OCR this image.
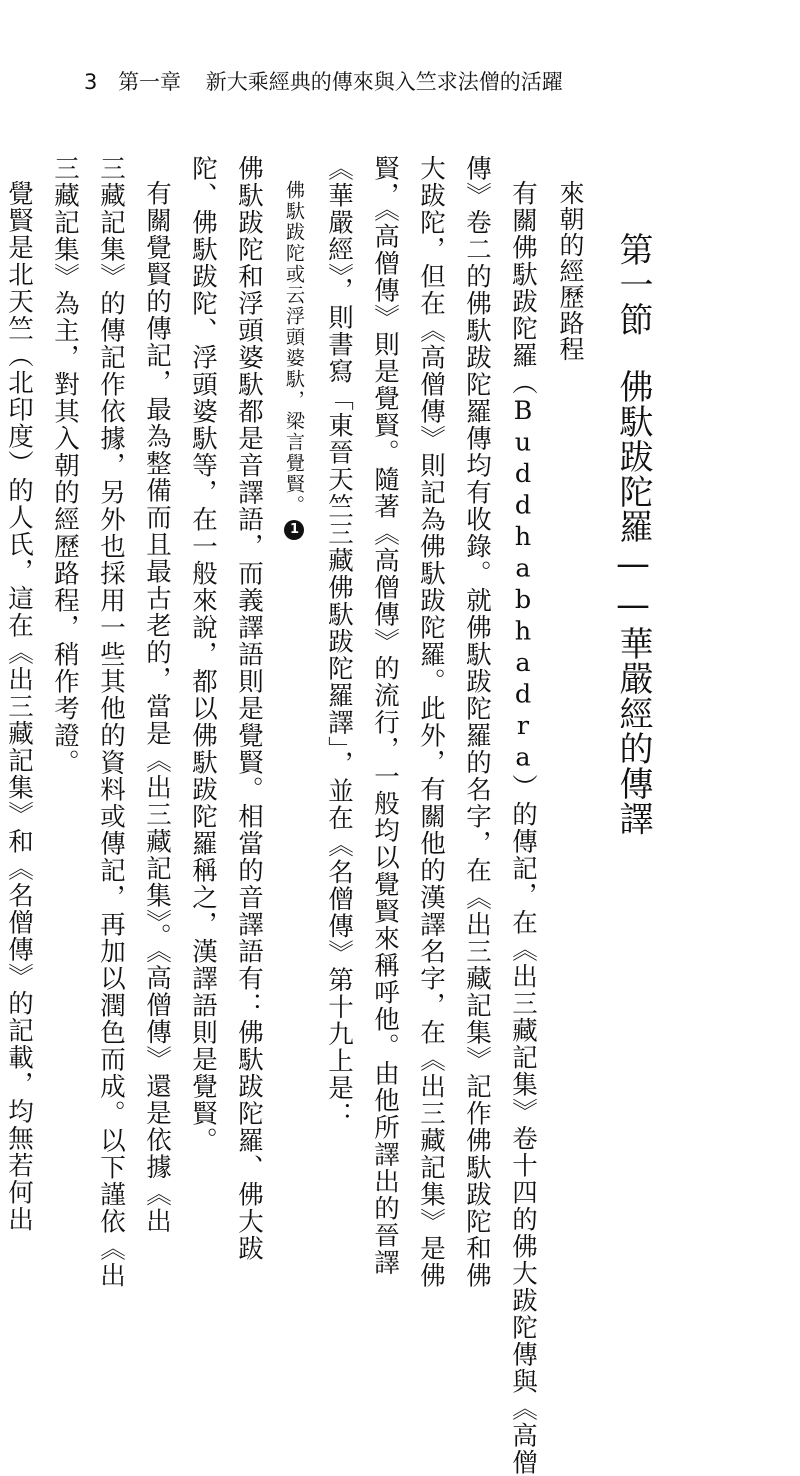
3 第一章 新大乘經典的傳來與入竺求法僧的活躍
第一節佛馱跋陀羅——華嚴經的傳譯
來朝的經歷路程
有關佛馱跋陀羅（Buddhabhadra）的傳記，在《出三藏記集》卷十四的佛大跋陀傳與《高僧
傳》卷二的佛馱跋陀羅傳均有收錄。就佛馱跋陀羅的名字，在《出三藏記集》記作佛馱跋陀和佛
大跋陀，但在《高僧傳》則記為佛馱跋陀羅。此外，有關他的漢譯名字，在《出三藏記集》是佛
賢，《高僧傳》則是覺賢。隨著《高僧傳》的流行，一般均以覺賢來稱呼他。由他所譯出的晉譯
《華嚴經》，則書寫「東晉天竺三藏佛馱跋陀羅譯」，並在《名僧傳》第十九上是：
佛馱跋陀或云浮頭婆馱，梁言覺賢。1
佛馱跋陀和浮頭婆馱都是音譯語，而義譯語則是覺賢。相當的音譯語有：佛馱跋陀羅、佛大跋
陀、佛馱跋陀、浮頭婆馱等，在一般來說，都以佛馱跋陀羅稱之，漢譯語則是覺賢。
有關覺賢的傳記，最為整備而且最古老的，當是《出三藏記集》。《高僧傳》還是依據《出
三藏記集》的傳記作依據，另外也採用一些其他的資料或傳記，再加以潤色而成。以下謹依《出
三藏記集》為主，對其入朝的經歷路程，稍作考證。
覺賢是北天竺（北印度）的人氏，這在《出三藏記集》和《名僧傳》的記載，均無若何出
